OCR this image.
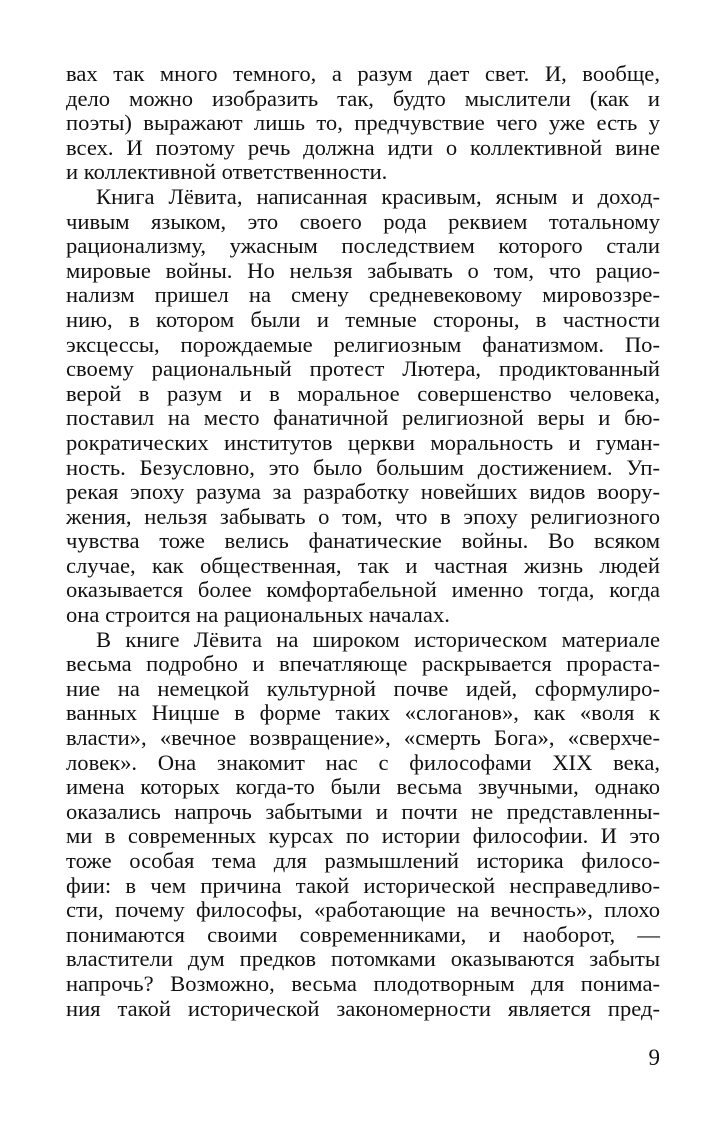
вах так много темного, а разум дает свет. И, вообще,
дело можно изобразить так, будто мыслители (как и
поэты) выражают лишь то, предчувствие чего уже есть у
всех. И поэтому речь должна идти о коллективной вине
и коллективной ответственности.
Книга Лёвита, написанная красивым, ясным и доход-
чивым языком, это своего рода реквием тотальному
рационализму, ужасным последствием которого стали
мировые войны. Но нельзя забывать о том, что рацио-
нализм пришел на смену средневековому мировоззре-
нию, в котором были и темные стороны, в частности
эксцессы, порождаемые религиозным фанатизмом. По-
своему рациональный протест Лютера, продиктованный
верой в разум и в моральное совершенство человека,
поставил на место фанатичной религиозной веры и бю-
рократических институтов церкви моральность и гуман-
ность. Безусловно, это было большим достижением. Уп-
рекая эпоху разума за разработку новейших видов воору-
жения, нельзя забывать о том, что в эпоху религиозного
чувства тоже велись фанатические войны. Во всяком
случае, как общественная, так и частная жизнь людей
оказывается более комфортабельной именно тогда, когда
она строится на рациональных началах.
В книге Лёвита на широком историческом материале
весьма подробно и впечатляюще раскрывается прораста-
ние на немецкой культурной почве идей, сформулиро-
ванных Ницше в форме таких «слоганов», как «воля к
власти», «вечное возвращение», «смерть Бога», «сверхче-
ловек». Она знакомит нас с философами XIX века,
имена которых когда-то были весьма звучными, однако
оказались напрочь забытыми и почти не представленны-
ми в современных курсах по истории философии. И это
тоже особая тема для размышлений историка филосо-
фии: в чем причина такой исторической несправедливо-
сти, почему философы, «работающие на вечность», плохо
понимаются своими современниками, и наоборот, —
властители дум предков потомками оказываются забыты
напрочь? Возможно, весьма плодотворным для понима-
ния такой исторической закономерности является пред-
9
